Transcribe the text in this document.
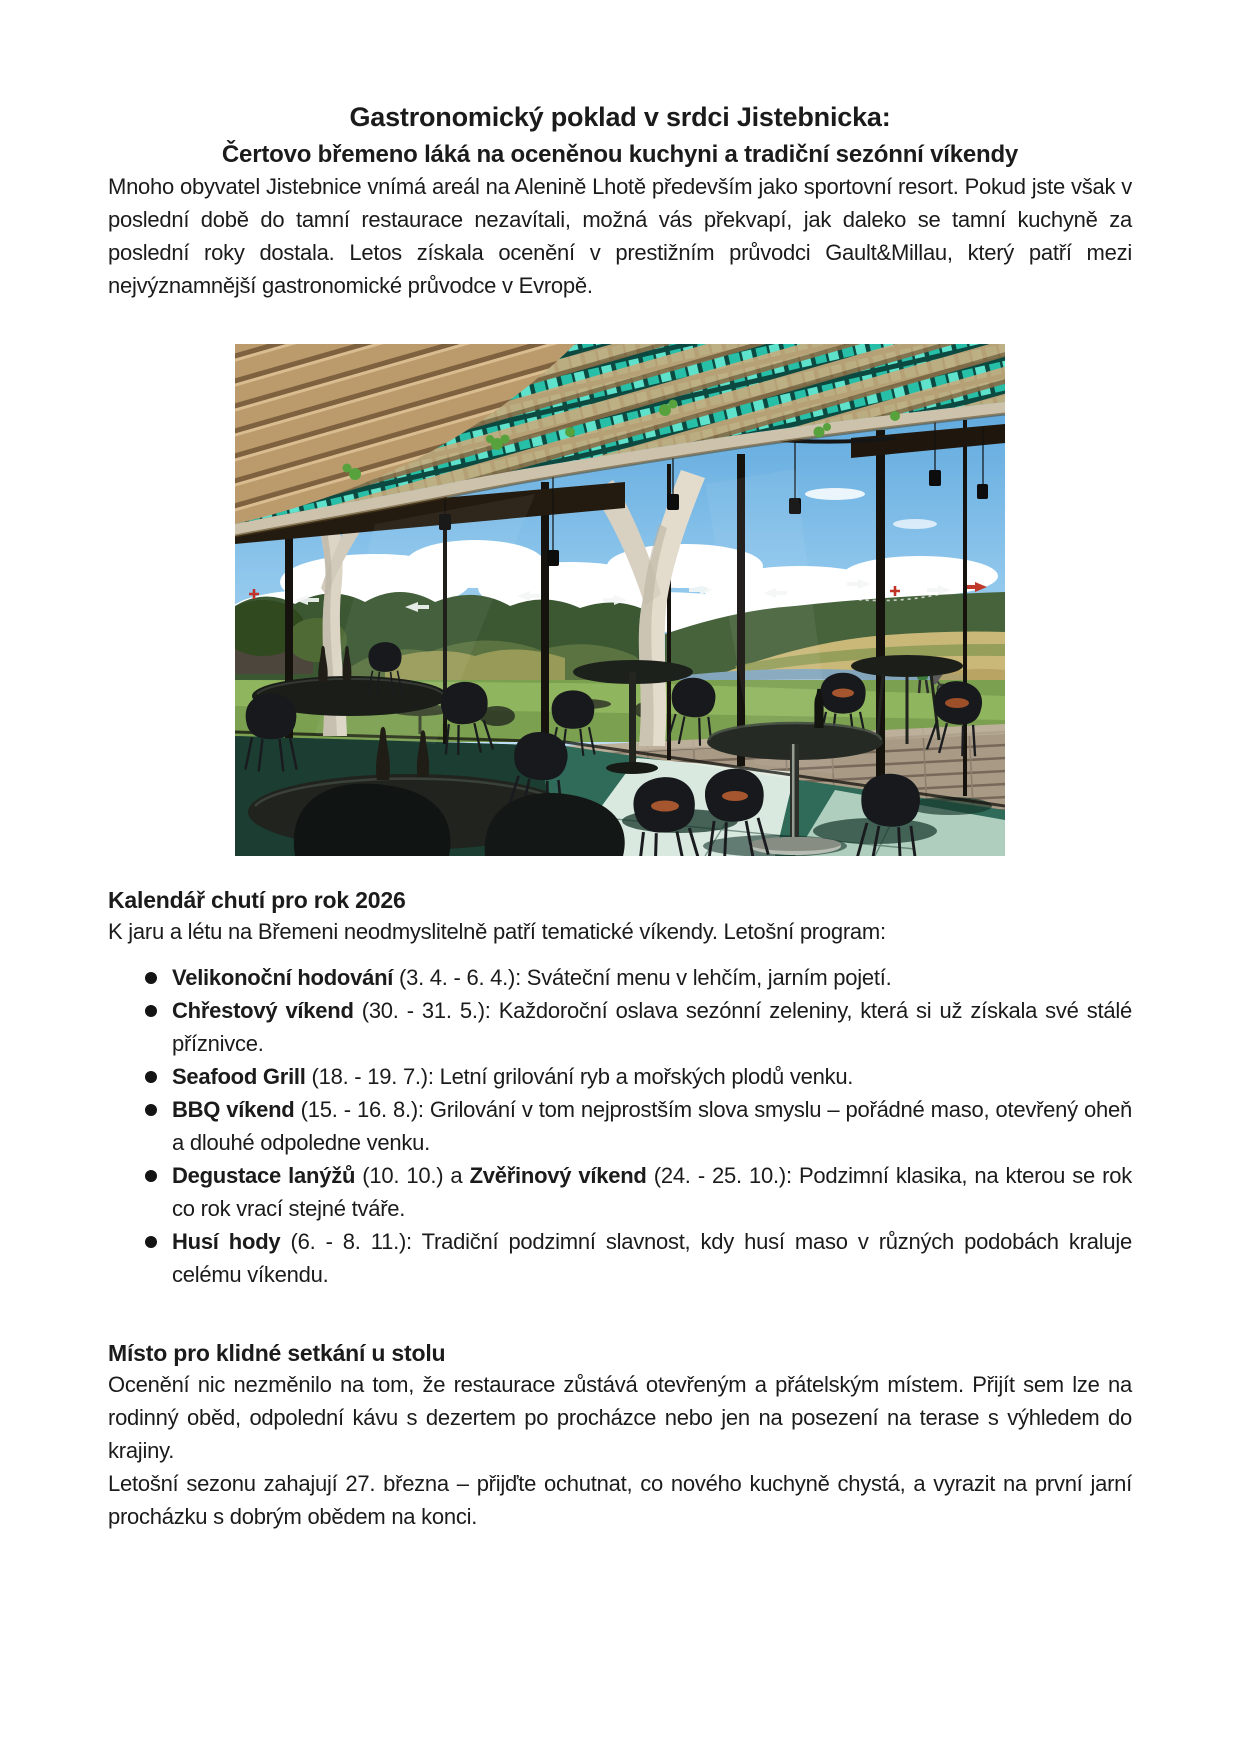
Gastronomický poklad v srdci Jistebnicka:
Čertovo břemeno láká na oceněnou kuchyni a tradiční sezónní víkendy

Mnoho obyvatel Jistebnice vnímá areál na Alenině Lhotě především jako sportovní resort. Pokud jste však v poslední době do tamní restaurace nezavítali, možná vás překvapí, jak daleko se tamní kuchyně za poslední roky dostala. Letos získala ocenění v prestižním průvodci Gault&Millau, který patří mezi nejvýznamnější gastronomické průvodce v Evropě.

Kalendář chutí pro rok 2026

K jaru a létu na Břemeni neodmyslitelně patří tematické víkendy. Letošní program:

Velikonoční hodování (3. 4. - 6. 4.): Sváteční menu v lehčím, jarním pojetí.
Chřestový víkend (30. - 31. 5.): Každoroční oslava sezónní zeleniny, která si už získala své stálé příznivce.
Seafood Grill (18. - 19. 7.): Letní grilování ryb a mořských plodů venku.
BBQ víkend (15. - 16. 8.): Grilování v tom nejprostším slova smyslu – pořádné maso, otevřený oheň a dlouhé odpoledne venku.
Degustace lanýžů (10. 10.) a Zvěřinový víkend (24. - 25. 10.): Podzimní klasika, na kterou se rok co rok vrací stejné tváře.
Husí hody (6. - 8. 11.): Tradiční podzimní slavnost, kdy husí maso v různých podobách kraluje celému víkendu.
Místo pro klidné setkání u stolu

Ocenění nic nezměnilo na tom, že restaurace zůstává otevřeným a přátelským místem. Přijít sem lze na rodinný oběd, odpolední kávu s dezertem po procházce nebo jen na posezení na terase s výhledem do krajiny.

Letošní sezonu zahajují 27. března – přijďte ochutnat, co nového kuchyně chystá, a vyrazit na první jarní procházku s dobrým obědem na konci.
